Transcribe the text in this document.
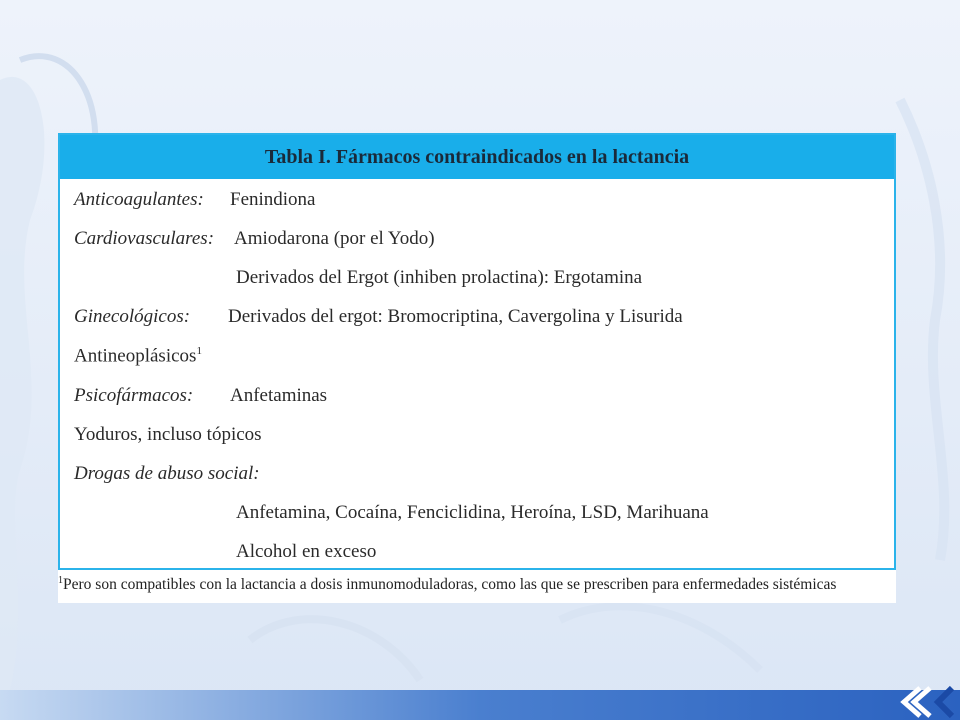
Tabla I. Fármacos contraindicados en la lactancia
Anticoagulantes: Fenindiona
Cardiovasculares: Amiodarona (por el Yodo)
Derivados del Ergot (inhiben prolactina): Ergotamina
Ginecológicos: Derivados del ergot: Bromocriptina, Cavergolina y Lisurida
Antineoplásicos$^1$
Psicofármacos: Anfetaminas
Yoduros, incluso tópicos
Drogas de abuso social:
Anfetamina, Cocaína, Fenciclidina, Heroína, LSD, Marihuana
Alcohol en exceso
$^1$Pero son compatibles con la lactancia a dosis inmunomoduladoras, como las que se prescriben para enfermedades sistémicas
